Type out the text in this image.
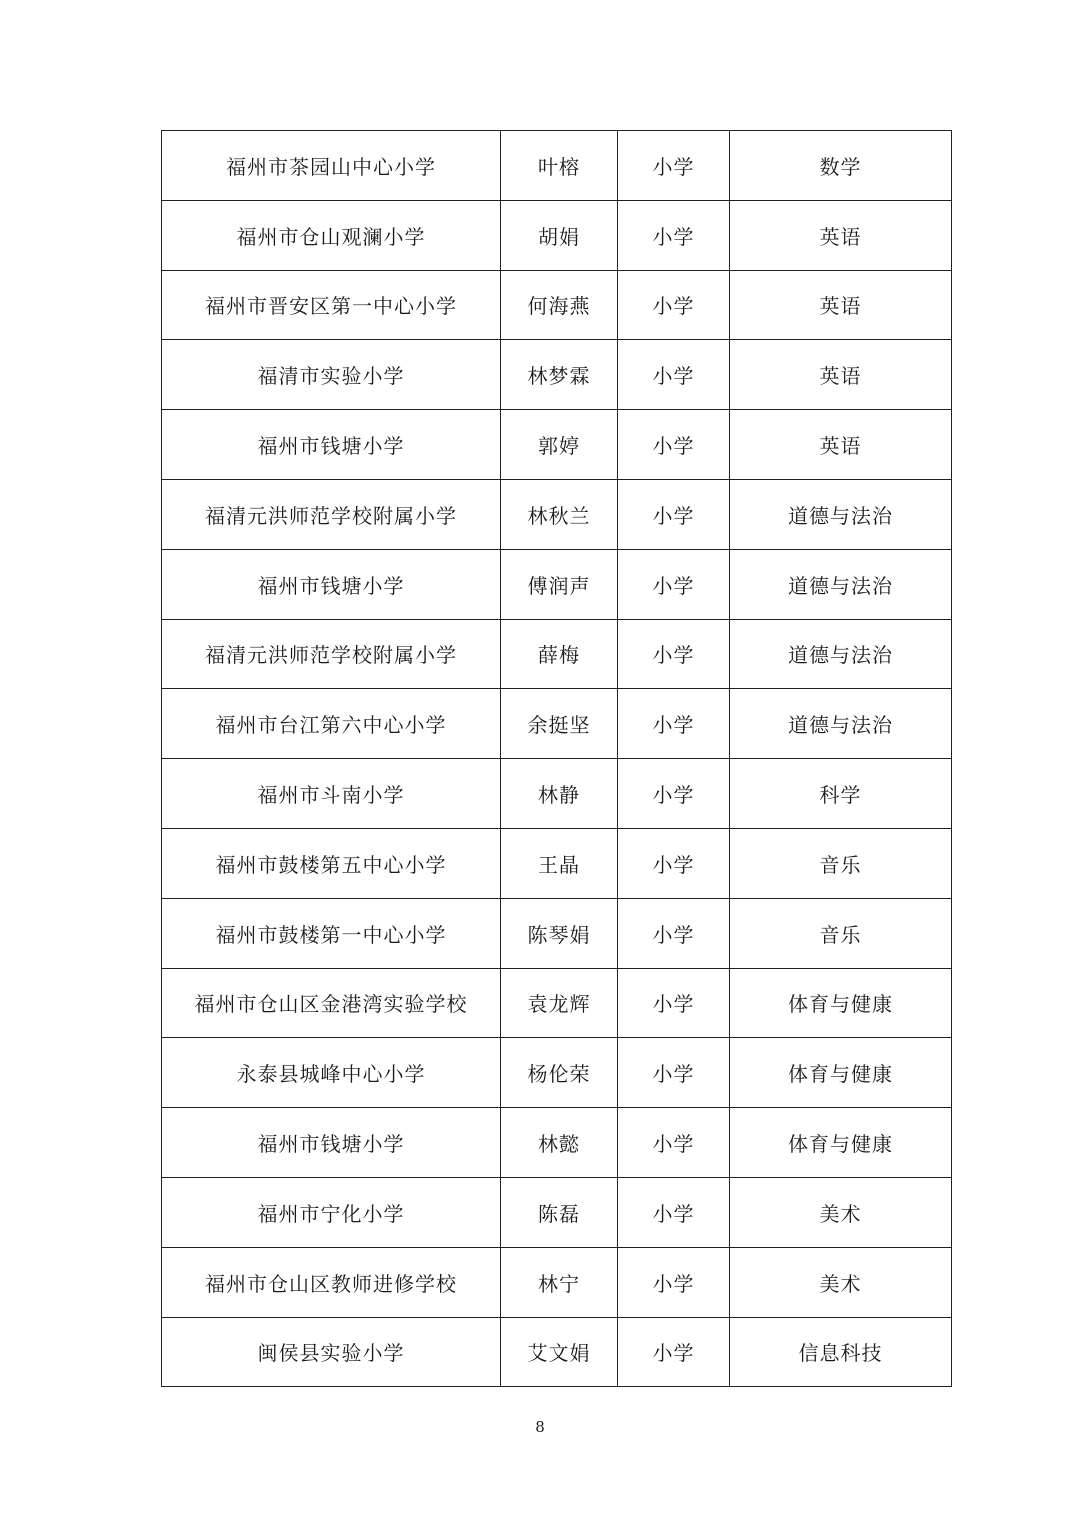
福州市茶园山中心小学	叶榕	小学	数学
福州市仓山观澜小学	胡娟	小学	英语
福州市晋安区第一中心小学	何海燕	小学	英语
福清市实验小学	林梦霖	小学	英语
福州市钱塘小学	郭婷	小学	英语
福清元洪师范学校附属小学	林秋兰	小学	道德与法治
福州市钱塘小学	傅润声	小学	道德与法治
福清元洪师范学校附属小学	薛梅	小学	道德与法治
福州市台江第六中心小学	余挺坚	小学	道德与法治
福州市斗南小学	林静	小学	科学
福州市鼓楼第五中心小学	王晶	小学	音乐
福州市鼓楼第一中心小学	陈琴娟	小学	音乐
福州市仓山区金港湾实验学校	袁龙辉	小学	体育与健康
永泰县城峰中心小学	杨伦荣	小学	体育与健康
福州市钱塘小学	林懿	小学	体育与健康
福州市宁化小学	陈磊	小学	美术
福州市仓山区教师进修学校	林宁	小学	美术
闽侯县实验小学	艾文娟	小学	信息科技
8
